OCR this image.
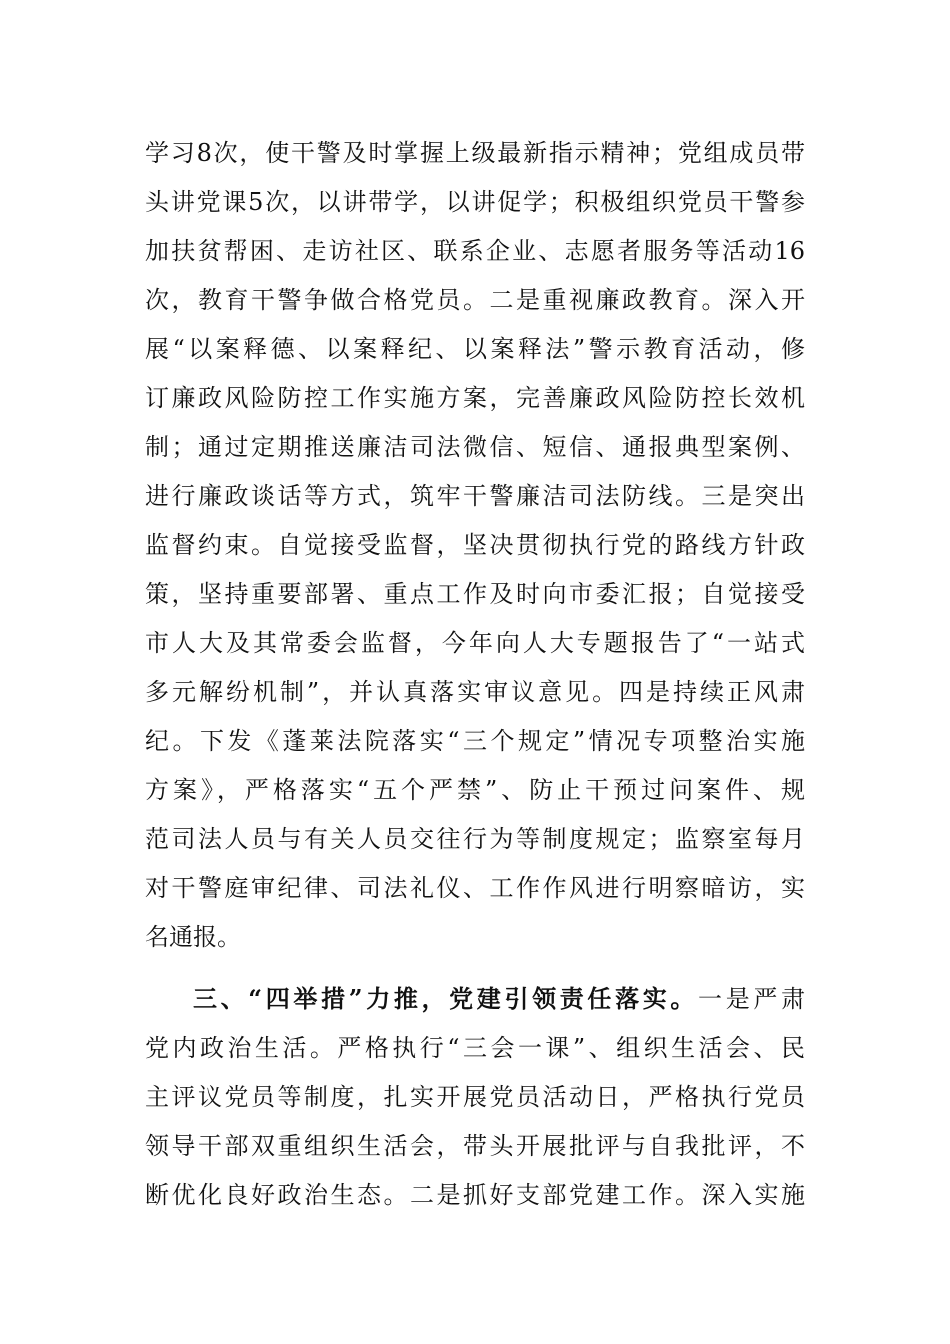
学习8次，使干警及时掌握上级最新指示精神；党组成员带
头讲党课5次，以讲带学，以讲促学；积极组织党员干警参
加扶贫帮困、走访社区、联系企业、志愿者服务等活动16
次，教育干警争做合格党员。二是重视廉政教育。深入开
展“以案释德、以案释纪、以案释法”警示教育活动，修
订廉政风险防控工作实施方案，完善廉政风险防控长效机
制；通过定期推送廉洁司法微信、短信、通报典型案例、
进行廉政谈话等方式，筑牢干警廉洁司法防线。三是突出
监督约束。自觉接受监督，坚决贯彻执行党的路线方针政
策，坚持重要部署、重点工作及时向市委汇报；自觉接受
市人大及其常委会监督，今年向人大专题报告了“一站式
多元解纷机制”，并认真落实审议意见。四是持续正风肃
纪。下发《蓬莱法院落实“三个规定”情况专项整治实施
方案》，严格落实“五个严禁”、防止干预过问案件、规
范司法人员与有关人员交往行为等制度规定；监察室每月
对干警庭审纪律、司法礼仪、工作作风进行明察暗访，实
名通报。
三、“四举措”力推，党建引领责任落实。一是严肃
党内政治生活。严格执行“三会一课”、组织生活会、民
主评议党员等制度，扎实开展党员活动日，严格执行党员
领导干部双重组织生活会，带头开展批评与自我批评，不
断优化良好政治生态。二是抓好支部党建工作。深入实施
